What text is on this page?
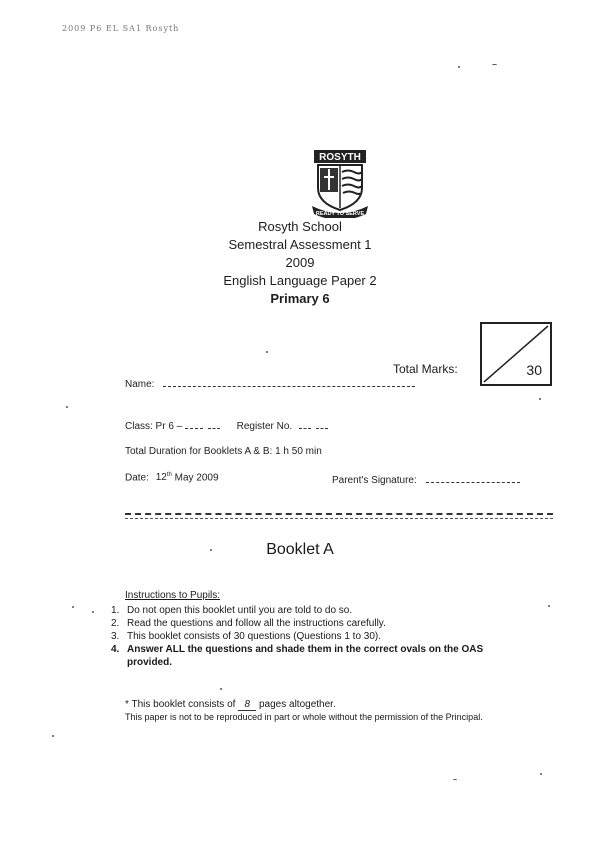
2009 P6 EL SA1 Rosyth
ROSYTH
READY TO SERVE
Rosyth School
Semestral Assessment 1
2009
English Language Paper 2
Primary 6
30
Total Marks:
Name:
Class: Pr 6 –	Register No.
Total Duration for Booklets A & B: 1 h 50 min
Date: 12th May 2009	Parent's Signature:
Booklet A
Instructions to Pupils:
1. Do not open this booklet until you are told to do so.
2. Read the questions and follow all the instructions carefully.
3. This booklet consists of 30 questions (Questions 1 to 30).
4. Answer ALL the questions and shade them in the correct ovals on the OAS
provided.
* This booklet consists of 8 pages altogether.
This paper is not to be reproduced in part or whole without the permission of the Principal.
